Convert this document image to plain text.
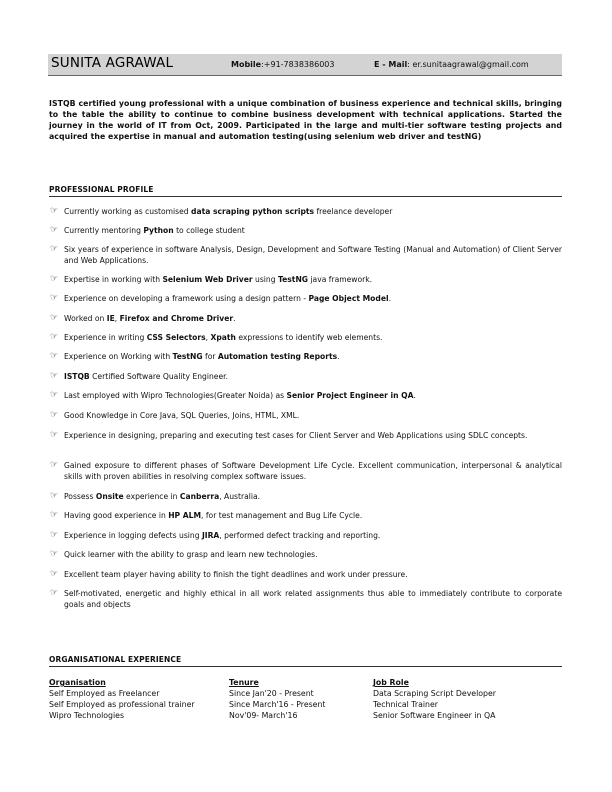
SUNITA AGRAWAL	Mobile:+91-7838386003	E - Mail: er.sunitaagrawal@gmail.com
ISTQB certified young professional with a unique combination of business experience and technical skills, bringing to the table the ability to continue to combine business development with technical applications. Started the journey in the world of IT from Oct, 2009. Participated in the large and multi-tier software testing projects and acquired the expertise in manual and automation testing(using selenium web driver and testNG)
PROFESSIONAL PROFILE
☞ Currently working as customised data scraping python scripts freelance developer
☞ Currently mentoring Python to college student
☞ Six years of experience in software Analysis, Design, Development and Software Testing (Manual and Automation) of Client Server and Web Applications.
☞ Expertise in working with Selenium Web Driver using TestNG java framework.
☞ Experience on developing a framework using a design pattern - Page Object Model.
☞ Worked on IE, Firefox and Chrome Driver.
☞ Experience in writing CSS Selectors, Xpath expressions to identify web elements.
☞ Experience on Working with TestNG for Automation testing Reports.
☞ ISTQB Certified Software Quality Engineer.
☞ Last employed with Wipro Technologies(Greater Noida) as Senior Project Engineer in QA.
☞ Good Knowledge in Core Java, SQL Queries, Joins, HTML, XML.
☞ Experience in designing, preparing and executing test cases for Client Server and Web Applications using SDLC concepts.
☞ Gained exposure to different phases of Software Development Life Cycle. Excellent communication, interpersonal & analytical skills with proven abilities in resolving complex software issues.
☞ Possess Onsite experience in Canberra, Australia.
☞ Having good experience in HP ALM, for test management and Bug Life Cycle.
☞ Experience in logging defects using JIRA, performed defect tracking and reporting.
☞ Quick learner with the ability to grasp and learn new technologies.
☞ Excellent team player having ability to finish the tight deadlines and work under pressure.
☞ Self-motivated, energetic and highly ethical in all work related assignments thus able to immediately contribute to corporate goals and objects
ORGANISATIONAL EXPERIENCE
Organisation
Self Employed as Freelancer
Self Employed as professional trainer
Wipro Technologies
Tenure
Since Jan'20 - Present
Since March'16 - Present
Nov'09- March'16
Job Role
Data Scraping Script Developer
Technical Trainer
Senior Software Engineer in QA
